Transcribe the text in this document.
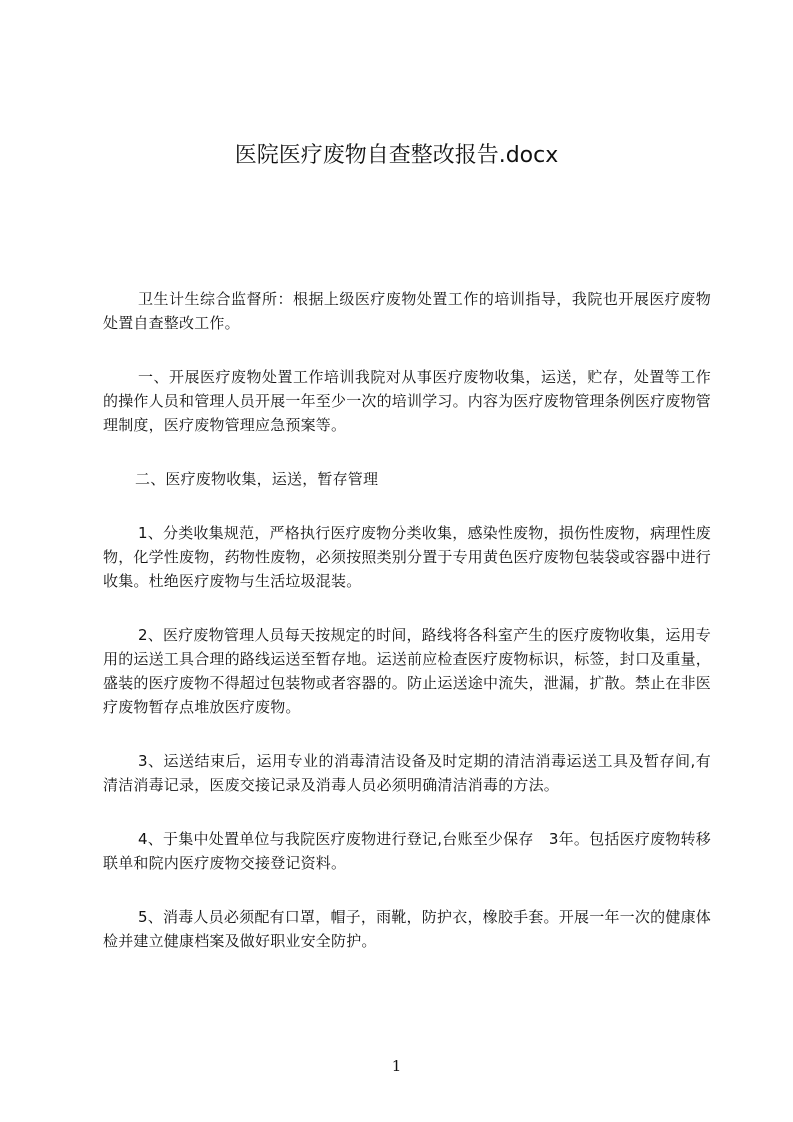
医院医疗废物自查整改报告.docx

卫生计生综合监督所：根据上级医疗废物处置工作的培训指导，我院也开展医疗废物处置自查整改工作。

一、开展医疗废物处置工作培训我院对从事医疗废物收集，运送，贮存，处置等工作的操作人员和管理人员开展一年至少一次的培训学习。内容为医疗废物管理条例医疗废物管理制度，医疗废物管理应急预案等。

二、医疗废物收集，运送，暂存管理

1、分类收集规范，严格执行医疗废物分类收集，感染性废物，损伤性废物，病理性废物，化学性废物，药物性废物，必须按照类别分置于专用黄色医疗废物包装袋或容器中进行收集。杜绝医疗废物与生活垃圾混装。

2、医疗废物管理人员每天按规定的时间，路线将各科室产生的医疗废物收集，运用专用的运送工具合理的路线运送至暂存地。运送前应检查医疗废物标识，标签，封口及重量，盛装的医疗废物不得超过包装物或者容器的。防止运送途中流失，泄漏，扩散。禁止在非医疗废物暂存点堆放医疗废物。

3、运送结束后，运用专业的消毒清洁设备及时定期的清洁消毒运送工具及暂存间,有清洁消毒记录，医废交接记录及消毒人员必须明确清洁消毒的方法。

4、于集中处置单位与我院医疗废物进行登记,台账至少保存　3年。包括医疗废物转移联单和院内医疗废物交接登记资料。

5、消毒人员必须配有口罩，帽子，雨靴，防护衣，橡胶手套。开展一年一次的健康体检并建立健康档案及做好职业安全防护。

1
